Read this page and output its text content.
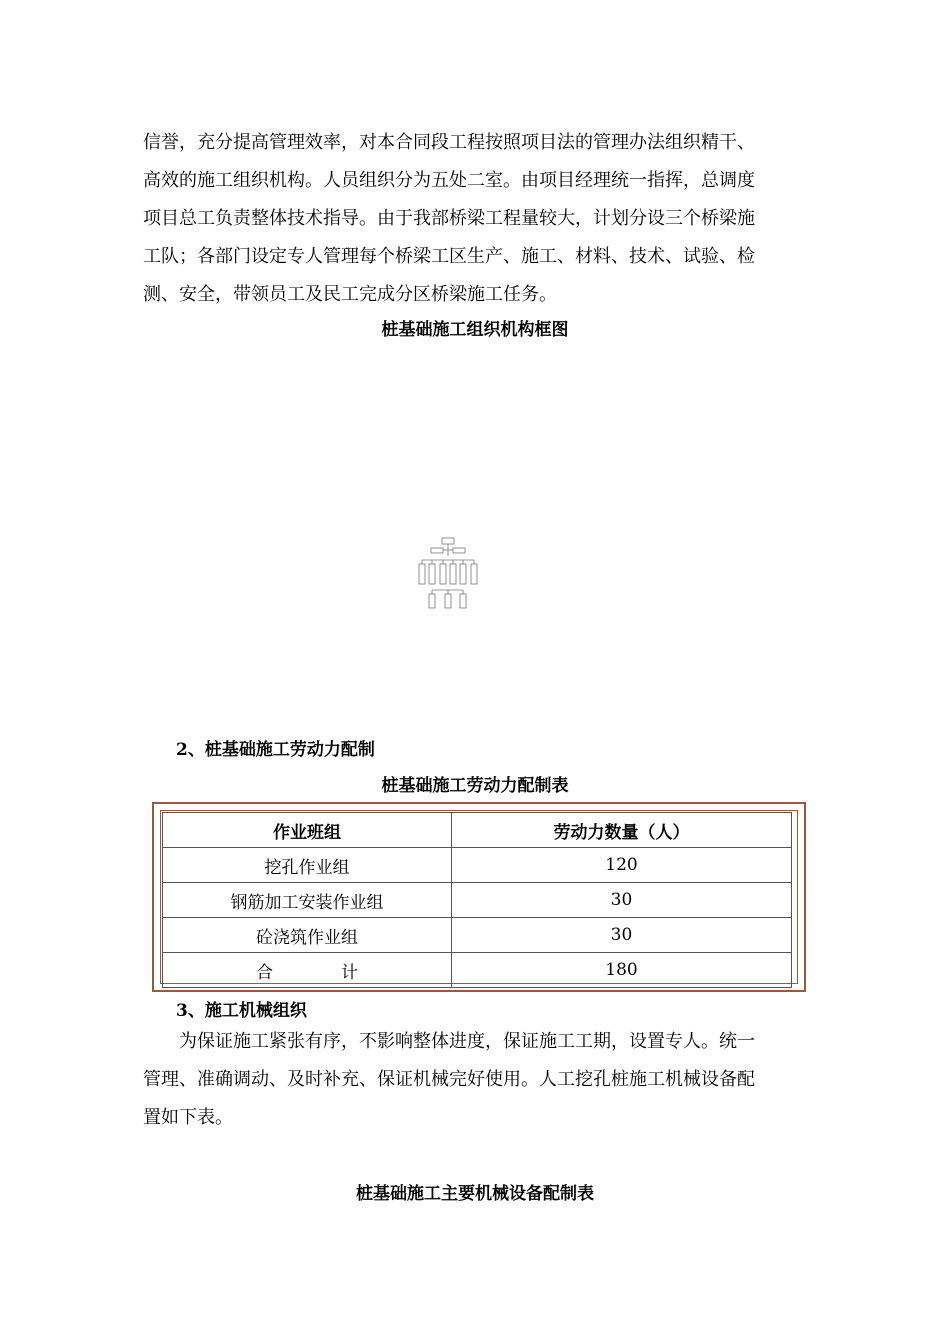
信誉，充分提高管理效率，对本合同段工程按照项目法的管理办法组织精干、
高效的施工组织机构。人员组织分为五处二室。由项目经理统一指挥，总调度
项目总工负责整体技术指导。由于我部桥梁工程量较大，计划分设三个桥梁施
工队；各部门设定专人管理每个桥梁工区生产、施工、材料、技术、试验、检
测、安全，带领员工及民工完成分区桥梁施工任务。

桩基础施工组织机构框图

2、桩基础施工劳动力配制

桩基础施工劳动力配制表

作业班组	劳动力数量（人）
挖孔作业组	120
钢筋加工安装作业组	30
砼浇筑作业组	30
合　　　　计	180

3、施工机械组织

　　为保证施工紧张有序，不影响整体进度，保证施工工期，设置专人。统一
管理、准确调动、及时补充、保证机械完好使用。人工挖孔桩施工机械设备配
置如下表。

桩基础施工主要机械设备配制表
